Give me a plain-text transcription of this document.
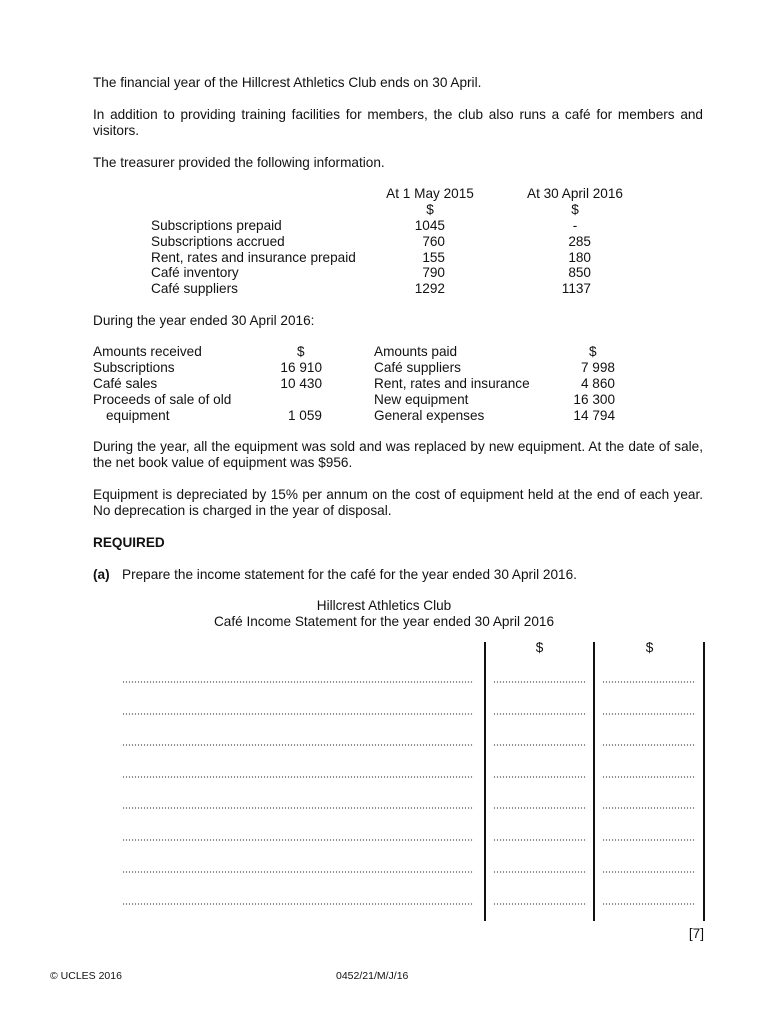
The financial year of the Hillcrest Athletics Club ends on 30 April.
In addition to providing training facilities for members, the club also runs a café for members and visitors.
The treasurer provided the following information.
At 1 May 2015	At 30 April 2016
$	$
Subscriptions prepaid	1045	-
Subscriptions accrued	760	285
Rent, rates and insurance prepaid	155	180
Café inventory	790	850
Café suppliers	1292	1137
During the year ended 30 April 2016:
Amounts received	$
Subscriptions	16 910
Café sales	10 430
Proceeds of sale of old
equipment	1 059
Amounts paid	$
Café suppliers	7 998
Rent, rates and insurance	4 860
New equipment	16 300
General expenses	14 794
During the year, all the equipment was sold and was replaced by new equipment. At the date of sale, the net book value of equipment was $956.
Equipment is depreciated by 15% per annum on the cost of equipment held at the end of each year. No deprecation is charged in the year of disposal.
REQUIRED
(a) Prepare the income statement for the café for the year ended 30 April 2016.
Hillcrest Athletics Club
Café Income Statement for the year ended 30 April 2016
$	$
[7]
© UCLES 2016	0452/21/M/J/16
